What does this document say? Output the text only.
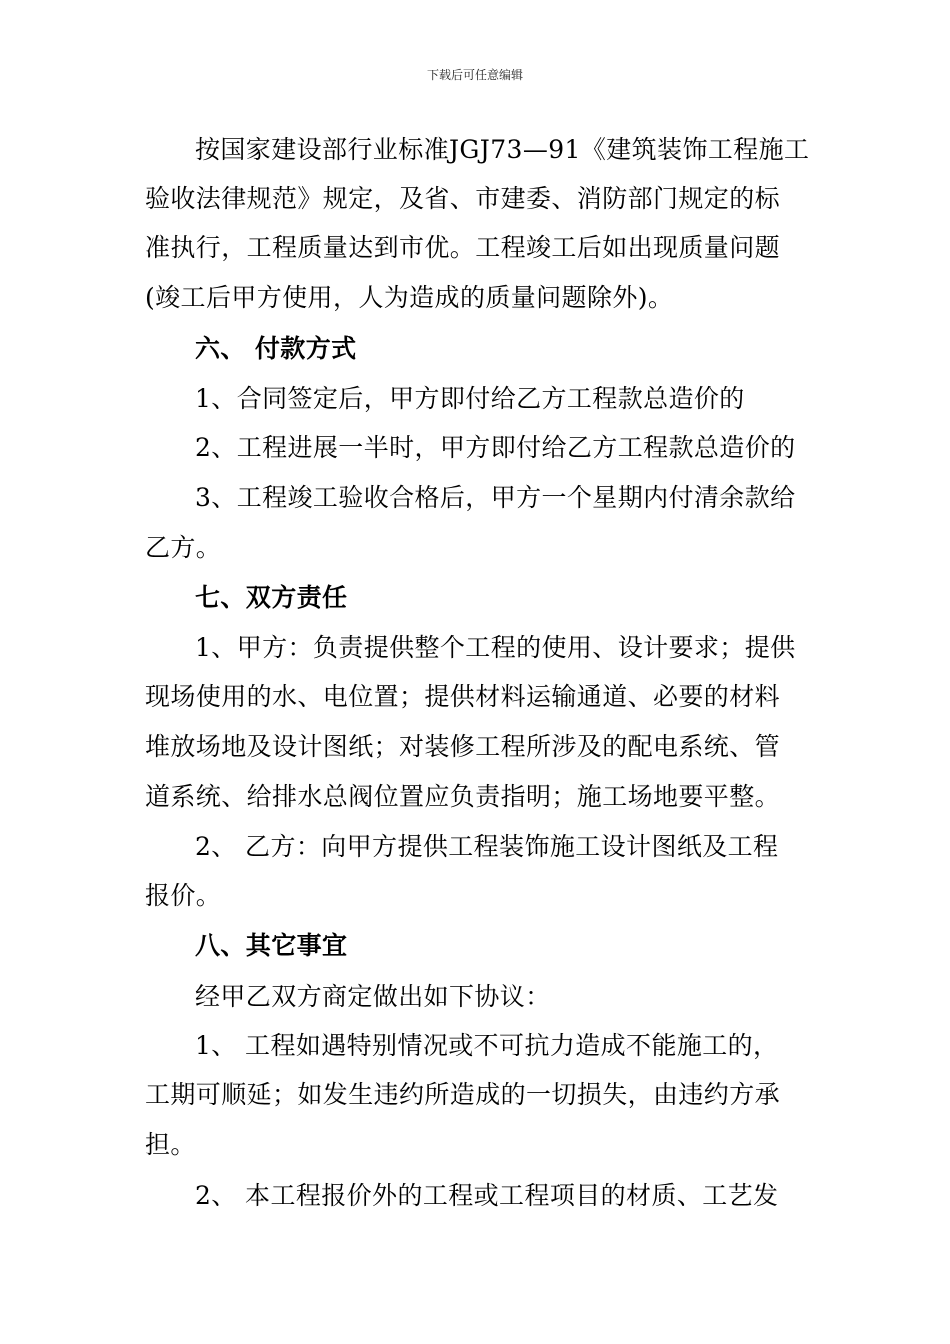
下载后可任意编辑
按国家建设部行业标准JGJ73—91《建筑装饰工程施工
验收法律规范》规定，及省、市建委、消防部门规定的标
准执行，工程质量达到市优。工程竣工后如出现质量问题
(竣工后甲方使用，人为造成的质量问题除外)。
六、 付款方式
1、合同签定后，甲方即付给乙方工程款总造价的
2、工程进展一半时，甲方即付给乙方工程款总造价的
3、工程竣工验收合格后，甲方一个星期内付清余款给
乙方。
七、双方责任
1、甲方：负责提供整个工程的使用、设计要求；提供
现场使用的水、电位置；提供材料运输通道、必要的材料
堆放场地及设计图纸；对装修工程所涉及的配电系统、管
道系统、给排水总阀位置应负责指明；施工场地要平整。
2、 乙方：向甲方提供工程装饰施工设计图纸及工程
报价。
八、其它事宜
经甲乙双方商定做出如下协议：
1、 工程如遇特别情况或不可抗力造成不能施工的，
工期可顺延；如发生违约所造成的一切损失，由违约方承
担。
2、 本工程报价外的工程或工程项目的材质、工艺发
